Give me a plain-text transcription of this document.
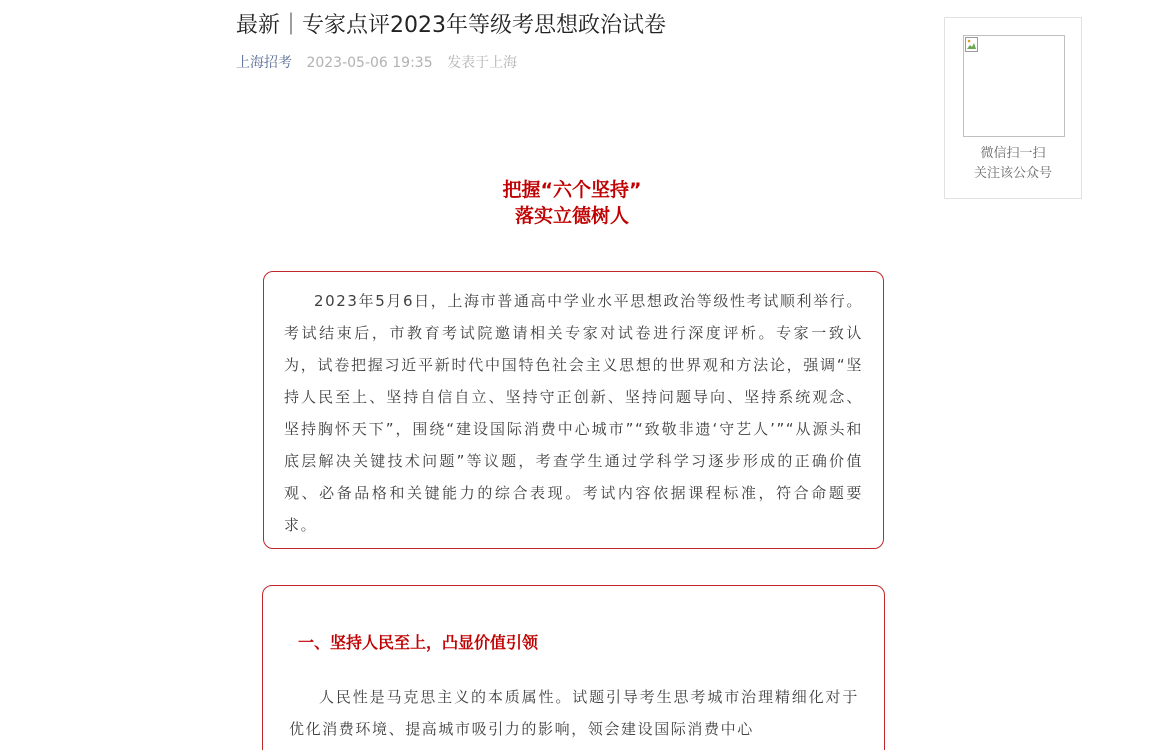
最新｜专家点评2023年等级考思想政治试卷
上海招考 2023-05-06 19:35 发表于上海
微信扫一扫
关注该公众号
把握“六个坚持”
落实立德树人

2023年5月6日，上海市普通高中学业水平思想政治等级性考试顺利举行。考试结束后，市教育考试院邀请相关专家对试卷进行深度评析。专家一致认为，试卷把握习近平新时代中国特色社会主义思想的世界观和方法论，强调“坚持人民至上、坚持自信自立、坚持守正创新、坚持问题导向、坚持系统观念、坚持胸怀天下”，围绕“建设国际消费中心城市”“致敬非遗‘守艺人’”“从源头和底层解决关键技术问题”等议题，考查学生通过学科学习逐步形成的正确价值观、必备品格和关键能力的综合表现。考试内容依据课程标准，符合命题要求。

一、坚持人民至上，凸显价值引领

人民性是马克思主义的本质属性。试题引导考生思考城市治理精细化对于优化消费环境、提高城市吸引力的影响，领会建设国际消费中心
